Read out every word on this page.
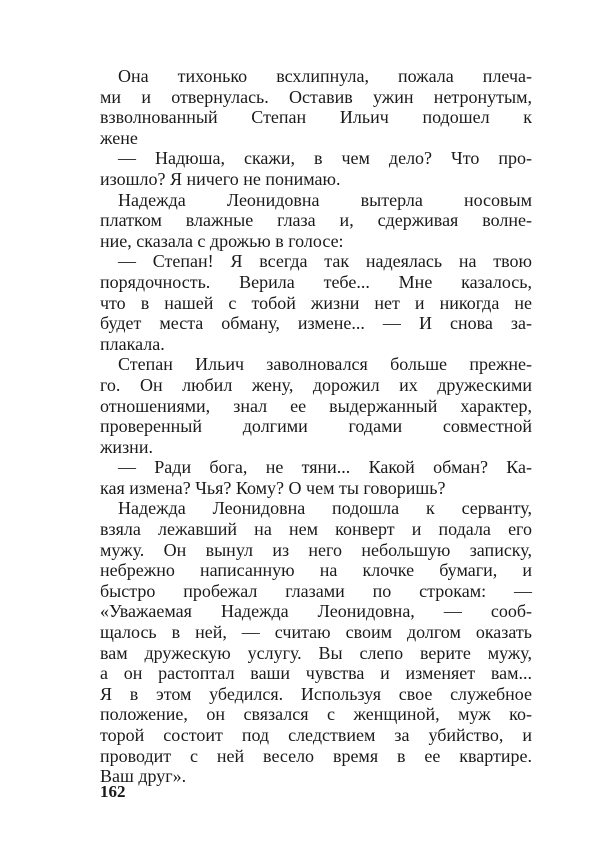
Она тихонько всхлипнула, пожала плеча-
ми и отвернулась. Оставив ужин нетронутым,
взволнованный Степан Ильич подошел к
жене
— Надюша, скажи, в чем дело? Что про-
изошло? Я ничего не понимаю.
Надежда Леонидовна вытерла носовым
платком влажные глаза и, сдерживая волне-
ние, сказала с дрожью в голосе:
— Степан! Я всегда так надеялась на твою
порядочность. Верила тебе... Мне казалось,
что в нашей с тобой жизни нет и никогда не
будет места обману, измене... — И снова за-
плакала.
Степан Ильич заволновался больше прежне-
го. Он любил жену, дорожил их дружескими
отношениями, знал ее выдержанный характер,
проверенный долгими годами совместной
жизни.
— Ради бога, не тяни... Какой обман? Ка-
кая измена? Чья? Кому? О чем ты говоришь?
Надежда Леонидовна подошла к серванту,
взяла лежавший на нем конверт и подала его
мужу. Он вынул из него небольшую записку,
небрежно написанную на клочке бумаги, и
быстро пробежал глазами по строкам: —
«Уважаемая Надежда Леонидовна, — сооб-
щалось в ней, — считаю своим долгом оказать
вам дружескую услугу. Вы слепо верите мужу,
а он растоптал ваши чувства и изменяет вам...
Я в этом убедился. Используя свое служебное
положение, он связался с женщиной, муж ко-
торой состоит под следствием за убийство, и
проводит с ней весело время в ее квартире.
Ваш друг».
162
